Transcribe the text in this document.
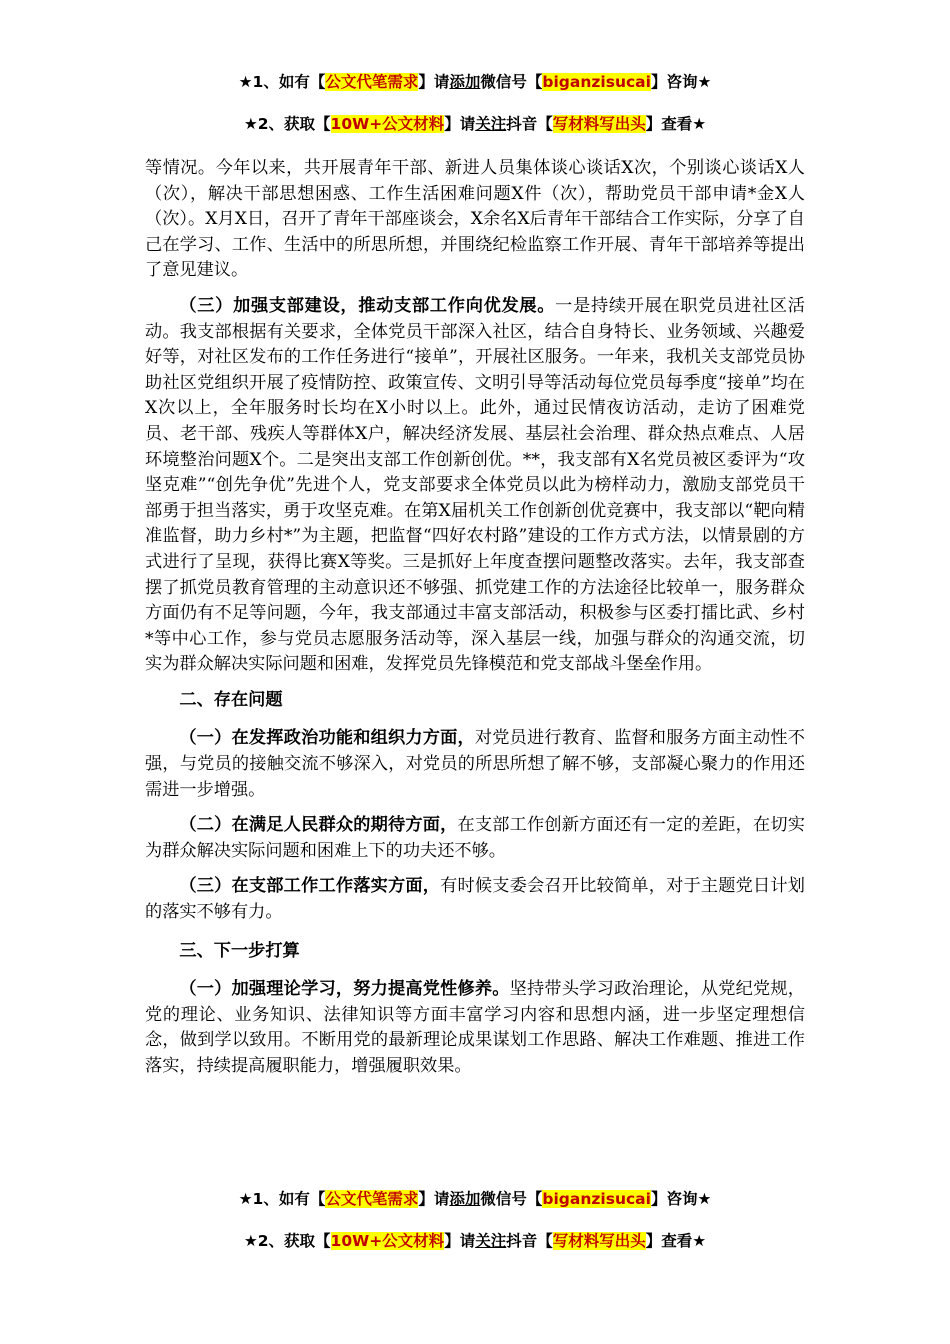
★1、如有【公文代笔需求】请添加微信号【biganzisucai】咨询★
★2、获取【10W+公文材料】请关注抖音【写材料写出头】查看★

等情况。今年以来，共开展青年干部、新进人员集体谈心谈话X次，个别谈心谈话X人（次），解决干部思想困惑、工作生活困难问题X件（次），帮助党员干部申请*金X人（次）。X月X日，召开了青年干部座谈会，X余名X后青年干部结合工作实际，分享了自己在学习、工作、生活中的所思所想，并围绕纪检监察工作开展、青年干部培养等提出了意见建议。

（三）加强支部建设，推动支部工作向优发展。一是持续开展在职党员进社区活动。我支部根据有关要求，全体党员干部深入社区，结合自身特长、业务领域、兴趣爱好等，对社区发布的工作任务进行“接单”，开展社区服务。一年来，我机关支部党员协助社区党组织开展了疫情防控、政策宣传、文明引导等活动每位党员每季度“接单”均在X次以上，全年服务时长均在X小时以上。此外，通过民情夜访活动，走访了困难党员、老干部、残疾人等群体X户，解决经济发展、基层社会治理、群众热点难点、人居环境整治问题X个。二是突出支部工作创新创优。**，我支部有X名党员被区委评为“攻坚克难”“创先争优”先进个人，党支部要求全体党员以此为榜样动力，激励支部党员干部勇于担当落实，勇于攻坚克难。在第X届机关工作创新创优竞赛中，我支部以“靶向精准监督，助力乡村*”为主题，把监督“四好农村路”建设的工作方式方法，以情景剧的方式进行了呈现，获得比赛X等奖。三是抓好上年度查摆问题整改落实。去年，我支部查摆了抓党员教育管理的主动意识还不够强、抓党建工作的方法途径比较单一，服务群众方面仍有不足等问题，今年，我支部通过丰富支部活动，积极参与区委打擂比武、乡村*等中心工作，参与党员志愿服务活动等，深入基层一线，加强与群众的沟通交流，切实为群众解决实际问题和困难，发挥党员先锋模范和党支部战斗堡垒作用。

二、存在问题

（一）在发挥政治功能和组织力方面，对党员进行教育、监督和服务方面主动性不强，与党员的接触交流不够深入，对党员的所思所想了解不够，支部凝心聚力的作用还需进一步增强。

（二）在满足人民群众的期待方面，在支部工作创新方面还有一定的差距，在切实为群众解决实际问题和困难上下的功夫还不够。

（三）在支部工作工作落实方面，有时候支委会召开比较简单，对于主题党日计划的落实不够有力。

三、下一步打算

（一）加强理论学习，努力提高党性修养。坚持带头学习政治理论，从党纪党规，党的理论、业务知识、法律知识等方面丰富学习内容和思想内涵，进一步坚定理想信念，做到学以致用。不断用党的最新理论成果谋划工作思路、解决工作难题、推进工作落实，持续提高履职能力，增强履职效果。

★1、如有【公文代笔需求】请添加微信号【biganzisucai】咨询★
★2、获取【10W+公文材料】请关注抖音【写材料写出头】查看★
